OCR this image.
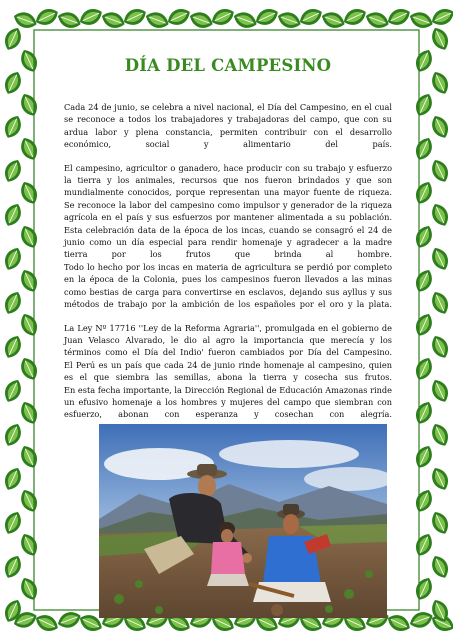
DÍA DEL CAMPESINO

Cada 24 de junio, se celebra a nivel nacional, el Día del Campesino, en el cual se reconoce a todos los trabajadores y trabajadoras del campo, que con su ardua labor y plena constancia, permiten contribuir con el desarrollo económico, social y alimentario del país.

El campesino, agricultor o ganadero, hace producir con su trabajo y esfuerzo la tierra y los animales, recursos que nos fueron brindados y que son mundialmente conocidos, porque representan una mayor fuente de riqueza.

Se reconoce la labor del campesino como impulsor y generador de la riqueza agrícola en el país y sus esfuerzos por mantener alimentada a su población.

Esta celebración data de la época de los incas, cuando se consagró el 24 de junio como un día especial para rendir homenaje y agradecer a la madre tierra por los frutos que brinda al hombre.

Todo lo hecho por los incas en materia de agricultura se perdió por completo en la época de la Colonia, pues los campesinos fueron llevados a las minas como bestias de carga para convertirse en esclavos, dejando sus ayllus y sus métodos de trabajo por la ambición de los españoles por el oro y la plata.

La Ley Nº 17716 ''Ley de la Reforma Agraria'', promulgada en el gobierno de Juan Velasco Alvarado, le dio al agro la importancia que merecía y los términos como el Día del Indio' fueron cambiados por Día del Campesino.

El Perú es un país que cada 24 de junio rinde homenaje al campesino, quien es el que siembra las semillas, abona la tierra y cosecha sus frutos.

En esta fecha importante, la Dirección Regional de Educación Amazonas rinde un efusivo homenaje a los hombres y mujeres del campo que siembran con esfuerzo, abonan con esperanza y cosechan con alegría.
